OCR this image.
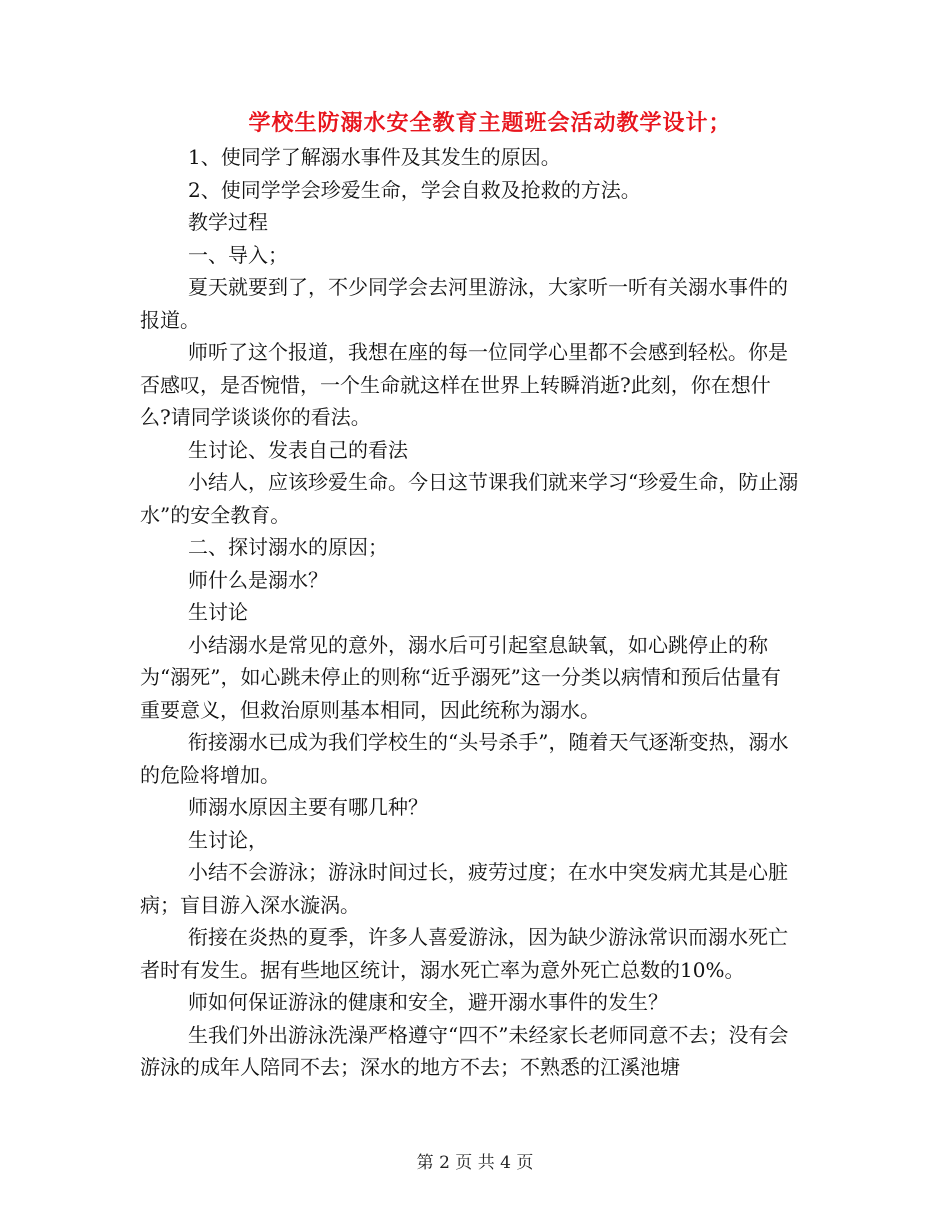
学校生防溺水安全教育主题班会活动教学设计；

1、使同学了解溺水事件及其发生的原因。

2、使同学学会珍爱生命，学会自救及抢救的方法。

教学过程

一、导入；

夏天就要到了，不少同学会去河里游泳，大家听一听有关溺水事件的报道。

师听了这个报道，我想在座的每一位同学心里都不会感到轻松。你是否感叹，是否惋惜，一个生命就这样在世界上转瞬消逝?此刻，你在想什么?请同学谈谈你的看法。

生讨论、发表自己的看法

小结人，应该珍爱生命。今日这节课我们就来学习“珍爱生命，防止溺水”的安全教育。

二、探讨溺水的原因；

师什么是溺水？

生讨论

小结溺水是常见的意外，溺水后可引起窒息缺氧，如心跳停止的称为“溺死”，如心跳未停止的则称“近乎溺死”这一分类以病情和预后估量有重要意义，但救治原则基本相同，因此统称为溺水。

衔接溺水已成为我们学校生的“头号杀手”，随着天气逐渐变热，溺水的危险将增加。

师溺水原因主要有哪几种？

生讨论，

小结不会游泳；游泳时间过长，疲劳过度；在水中突发病尤其是心脏病；盲目游入深水漩涡。

衔接在炎热的夏季，许多人喜爱游泳，因为缺少游泳常识而溺水死亡者时有发生。据有些地区统计，溺水死亡率为意外死亡总数的10%。

师如何保证游泳的健康和安全，避开溺水事件的发生？

生我们外出游泳洗澡严格遵守“四不”未经家长老师同意不去；没有会游泳的成年人陪同不去；深水的地方不去；不熟悉的江溪池塘

第 2 页 共 4 页
